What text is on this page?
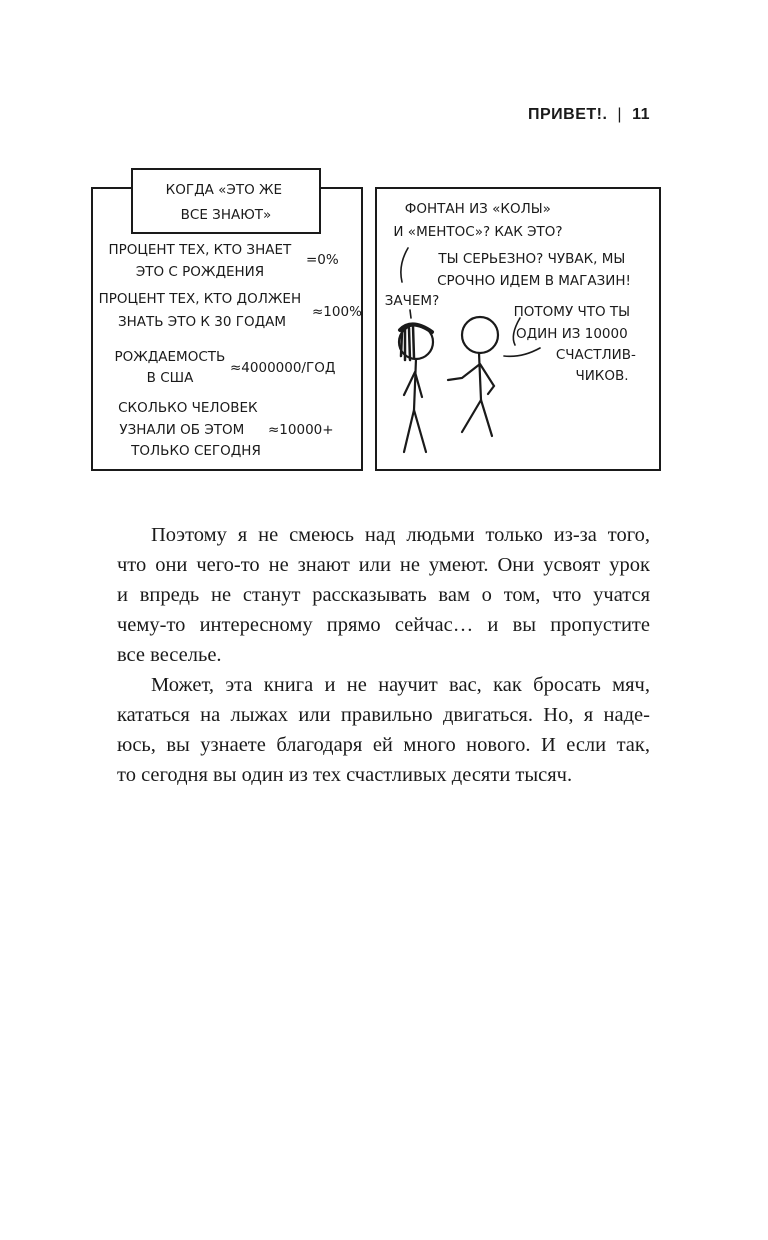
ПРИВЕТ!. | 11
КОГДА «ЭТО ЖЕ ВСЕ ЗНАЮТ»
ПРОЦЕНТ ТЕХ, КТО ЗНАЕТ ЭТО С РОЖДЕНИЯ
=0%
ПРОЦЕНТ ТЕХ, КТО ДОЛЖЕН ЗНАТЬ ЭТО К 30 ГОДАМ
≈100%
РОЖДАЕМОСТЬ В США
≈4000000/ГОД
СКОЛЬКО ЧЕЛОВЕК УЗНАЛИ ОБ ЭТОМ ТОЛЬКО СЕГОДНЯ
≈10000+
ФОНТАН ИЗ «КОЛЫ» И «МЕНТОС»? КАК ЭТО?
ТЫ СЕРЬЕЗНО? ЧУВАК, МЫ СРОЧНО ИДЕМ В МАГАЗИН!
ЗАЧЕМ?
ПОТОМУ ЧТО ТЫ ОДИН ИЗ 10000 СЧАСТЛИВ- ЧИКОВ.

Поэтому я не смеюсь над людьми только из-за того,
что они чего-то не знают или не умеют. Они усвоят урок
и впредь не станут рассказывать вам о том, что учатся
чему-то интересному прямо сейчас… и вы пропустите
все веселье.

Может, эта книга и не научит вас, как бросать мяч,
кататься на лыжах или правильно двигаться. Но, я наде-
юсь, вы узнаете благодаря ей много нового. И если так,
то сегодня вы один из тех счастливых десяти тысяч.
